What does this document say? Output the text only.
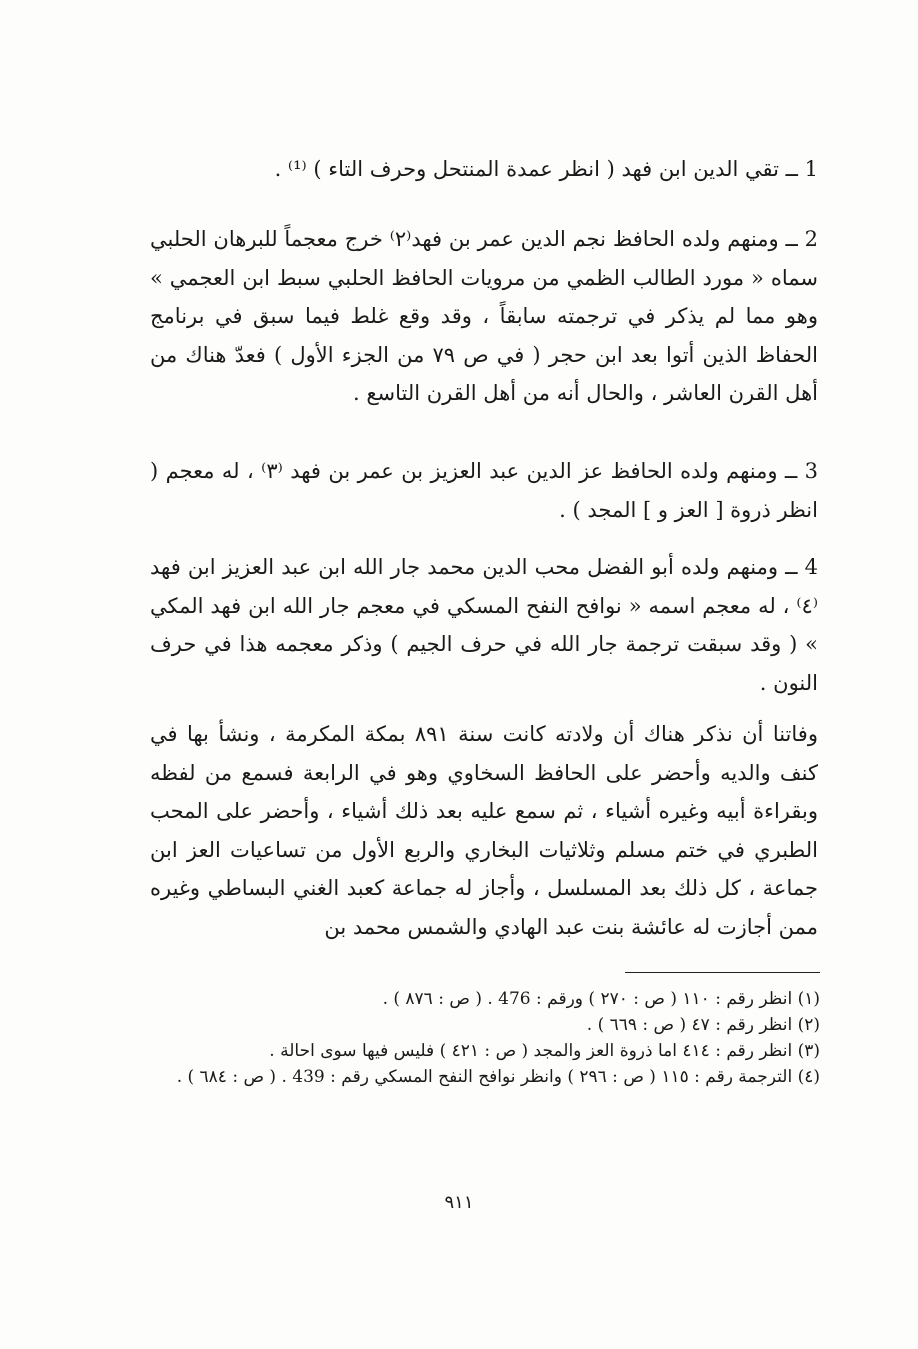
1 ــ تقي الدين ابن فهد ( انظر عمدة المنتحل وحرف التاء ) ⁽¹⁾ .

2 ــ ومنهم ولده الحافظ نجم الدين عمر بن فهد⁽٢⁾ خرج معجماً للبرهان الحلبي سماه « مورد الطالب الظمي من مرويات الحافظ الحلبي سبط ابن العجمي » وهو مما لم يذكر في ترجمته سابقاً ، وقد وقع غلط فيما سبق في برنامج الحفاظ الذين أتوا بعد ابن حجر ( في ص ٧٩ من الجزء الأول ) فعدّ هناك من أهل القرن العاشر ، والحال أنه من أهل القرن التاسع .

3 ــ ومنهم ولده الحافظ عز الدين عبد العزيز بن عمر بن فهد ⁽٣⁾ ، له معجم ( انظر ذروة [ العز و ] المجد ) .

4 ــ ومنهم ولده أبو الفضل محب الدين محمد جار الله ابن عبد العزيز ابن فهد ⁽٤⁾ ، له معجم اسمه « نوافح النفح المسكي في معجم جار الله ابن فهد المكي » ( وقد سبقت ترجمة جار الله في حرف الجيم ) وذكر معجمه هذا في حرف النون .

وفاتنا أن نذكر هناك أن ولادته كانت سنة ٨٩١ بمكة المكرمة ، ونشأ بها في كنف والديه وأحضر على الحافظ السخاوي وهو في الرابعة فسمع من لفظه وبقراءة أبيه وغيره أشياء ، ثم سمع عليه بعد ذلك أشياء ، وأحضر على المحب الطبري في ختم مسلم وثلاثيات البخاري والربع الأول من تساعيات العز ابن جماعة ، كل ذلك بعد المسلسل ، وأجاز له جماعة كعبد الغني البساطي وغيره ممن أجازت له عائشة بنت عبد الهادي والشمس محمد بن

(١) انظر رقم : ١١٠ ( ص : ٢٧٠ ) ورقم : 476 . ( ص : ٨٧٦ ) .

(٢) انظر رقم : ٤٧ ( ص : ٦٦٩ ) .

(٣) انظر رقم : ٤١٤ اما ذروة العز والمجد ( ص : ٤٢١ ) فليس فيها سوى احالة .

(٤) الترجمة رقم : ١١٥ ( ص : ٢٩٦ ) وانظر نوافح النفح المسكي رقم : 439 . ( ص : ٦٨٤ ) .

٩١١
